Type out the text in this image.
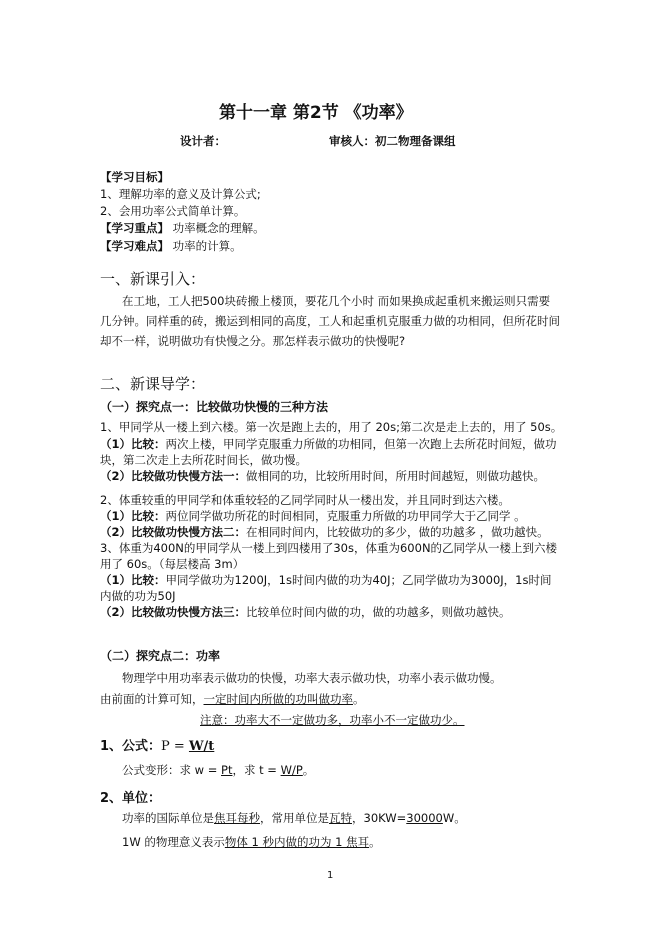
第十一章 第2节 《功率》
设计者：	审核人：初二物理备课组
【学习目标】
1、理解功率的意义及计算公式;
2、会用功率公式简单计算。
【学习重点】 功率概念的理解。
【学习难点】 功率的计算。
一、新课引入：
在工地，工人把500块砖搬上楼顶，要花几个小时 而如果换成起重机来搬运则只需要
几分钟。同样重的砖，搬运到相同的高度，工人和起重机克服重力做的功相同，但所花时间
却不一样，说明做功有快慢之分。那怎样表示做功的快慢呢?
二、新课导学：
（一）探究点一：比较做功快慢的三种方法
1、甲同学从一楼上到六楼。第一次是跑上去的，用了 20s;第二次是走上去的，用了 50s。
（1）比较：两次上楼，甲同学克服重力所做的功相同，但第一次跑上去所花时间短，做功
块，第二次走上去所花时间长，做功慢。
（2）比较做功快慢方法一：做相同的功，比较所用时间，所用时间越短，则做功越快。
2、体重较重的甲同学和体重较轻的乙同学同时从一楼出发，并且同时到达六楼。
（1）比较：两位同学做功所花的时间相同，克服重力所做的功甲同学大于乙同学 。
（2）比较做功快慢方法二：在相同时间内，比较做功的多少，做的功越多 ，做功越快。
3、体重为400N的甲同学从一楼上到四楼用了30s，体重为600N的乙同学从一楼上到六楼
用了 60s。（每层楼高 3m）
（1）比较：甲同学做功为1200J，1s时间内做的功为40J；乙同学做功为3000J，1s时间
内做的功为50J
（2）比较做功快慢方法三：比较单位时间内做的功，做的功越多，则做功越快。
（二）探究点二：功率
物理学中用功率表示做功的快慢，功率大表示做功快，功率小表示做功慢。
由前面的计算可知，一定时间内所做的功叫做功率。
注意：功率大不一定做功多，功率小不一定做功少。
1、公式：P = W/t
公式变形：求 w = Pt，求 t = W/P。
2、单位：
功率的国际单位是焦耳每秒，常用单位是瓦特，30KW=30000W。
1W 的物理意义表示物体 1 秒内做的功为 1 焦耳。
1
